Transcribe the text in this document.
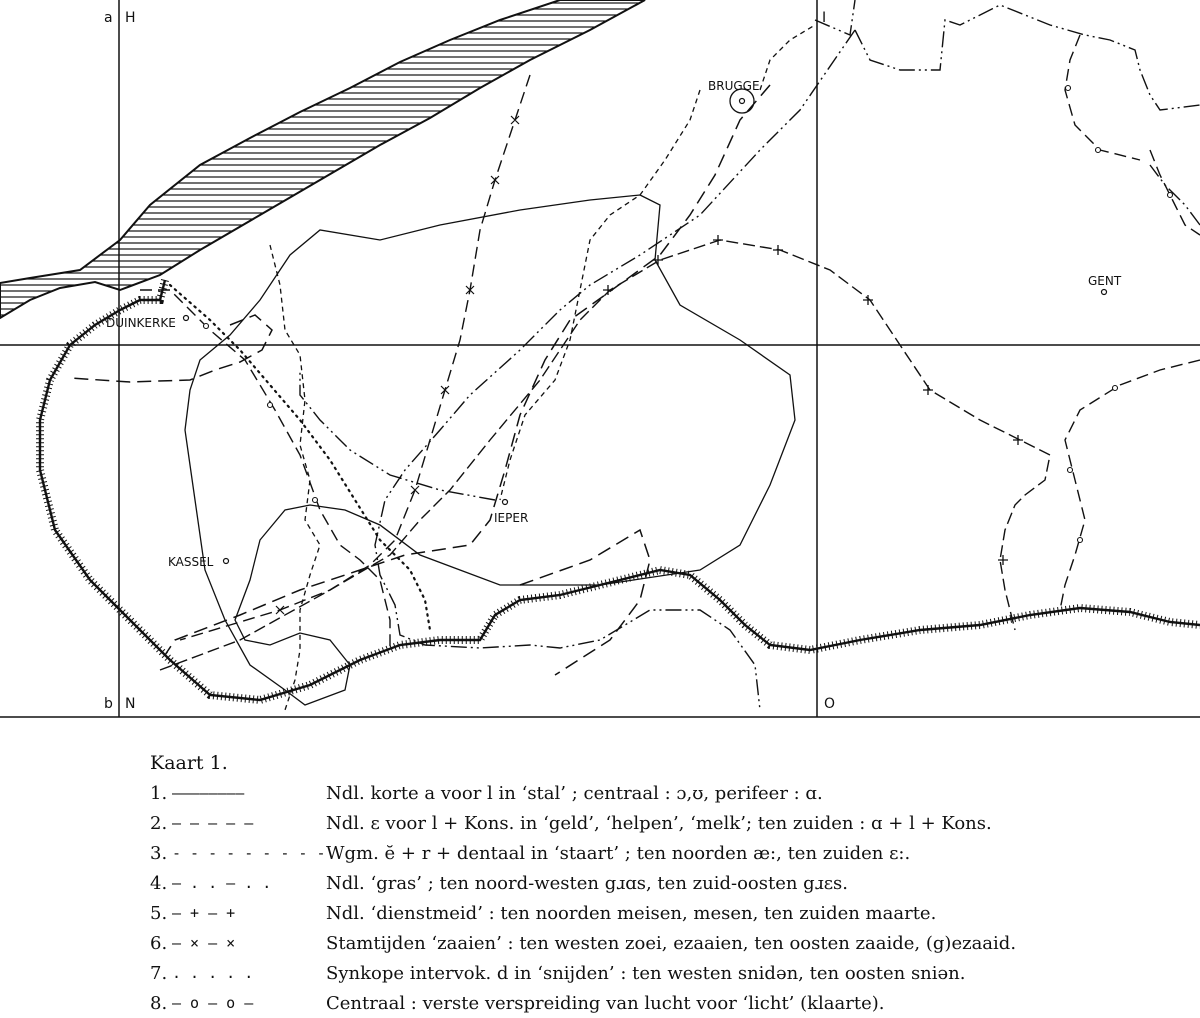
BRUGGE
DUINKERKE
GENT
IEPER
KASSEL
a H	I
b N	O
Kaart 1.
1. ————————	Ndl. korte a voor l in ‘stal’ ; centraal : ɔ,ʊ, perifeer : ɑ.
2. — — — — —	Ndl. ɛ voor l + Kons. in ‘geld’, ‘helpen’, ‘melk’; ten zuiden : ɑ + l + Kons.
3. - - - - - - - - - Wgm. ĕ + r + dentaal in ‘staart’ ; ten noorden æ:, ten zuiden ɛ:.
4. — . . — . .	Ndl. ‘gras’ ; ten noord-westen gɹɑs, ten zuid-oosten gɹɛs.
5. — + — +	Ndl. ‘dienstmeid’ : ten noorden meisen, mesen, ten zuiden maarte.
6. — × — ×	Stamtijden ‘zaaien’ : ten westen zoei, ezaaien, ten oosten zaaide, (g)ezaaid.
7. . . . . .	Synkope intervok. d in ‘snijden’ : ten westen snidən, ten oosten sniən.
8. — o — o —	Centraal : verste verspreiding van lucht voor ‘licht’ (klaarte).
